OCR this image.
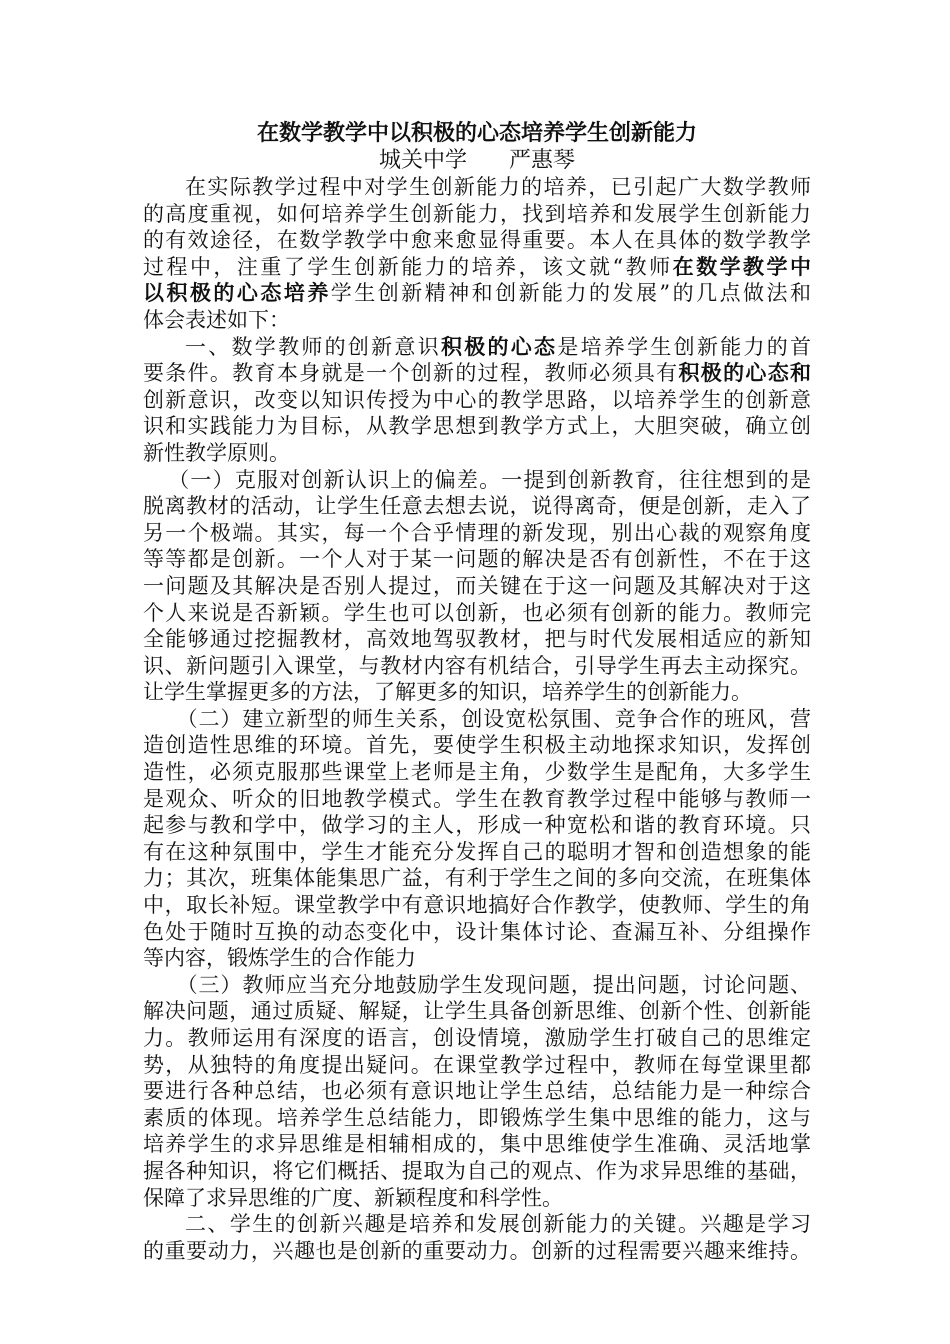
在数学教学中以积极的心态培养学生创新能力
城关中学      严惠琴
在实际教学过程中对学生创新能力的培养，已引起广大数学教师
的高度重视，如何培养学生创新能力，找到培养和发展学生创新能力
的有效途径，在数学教学中愈来愈显得重要。本人在具体的数学教学
过程中，注重了学生创新能力的培养，该文就“教师在数学教学中
以积极的心态培养学生创新精神和创新能力的发展”的几点做法和
体会表述如下：
一、数学教师的创新意识积极的心态是培养学生创新能力的首
要条件。教育本身就是一个创新的过程，教师必须具有积极的心态和
创新意识，改变以知识传授为中心的教学思路，以培养学生的创新意
识和实践能力为目标，从教学思想到教学方式上，大胆突破，确立创
新性教学原则。
（一）克服对创新认识上的偏差。一提到创新教育，往往想到的是
脱离教材的活动，让学生任意去想去说，说得离奇，便是创新，走入了
另一个极端。其实，每一个合乎情理的新发现，别出心裁的观察角度
等等都是创新。一个人对于某一问题的解决是否有创新性，不在于这
一问题及其解决是否别人提过，而关键在于这一问题及其解决对于这
个人来说是否新颖。学生也可以创新，也必须有创新的能力。教师完
全能够通过挖掘教材，高效地驾驭教材，把与时代发展相适应的新知
识、新问题引入课堂，与教材内容有机结合，引导学生再去主动探究。
让学生掌握更多的方法，了解更多的知识，培养学生的创新能力。
（二）建立新型的师生关系，创设宽松氛围、竞争合作的班风，营
造创造性思维的环境。首先，要使学生积极主动地探求知识，发挥创
造性，必须克服那些课堂上老师是主角，少数学生是配角，大多学生
是观众、听众的旧地教学模式。学生在教育教学过程中能够与教师一
起参与教和学中，做学习的主人，形成一种宽松和谐的教育环境。只
有在这种氛围中，学生才能充分发挥自己的聪明才智和创造想象的能
力；其次，班集体能集思广益，有利于学生之间的多向交流，在班集体
中，取长补短。课堂教学中有意识地搞好合作教学，使教师、学生的角
色处于随时互换的动态变化中，设计集体讨论、查漏互补、分组操作
等内容，锻炼学生的合作能力
（三）教师应当充分地鼓励学生发现问题，提出问题，讨论问题、
解决问题，通过质疑、解疑，让学生具备创新思维、创新个性、创新能
力。教师运用有深度的语言，创设情境，激励学生打破自己的思维定
势，从独特的角度提出疑问。在课堂教学过程中，教师在每堂课里都
要进行各种总结，也必须有意识地让学生总结，总结能力是一种综合
素质的体现。培养学生总结能力，即锻炼学生集中思维的能力，这与
培养学生的求异思维是相辅相成的，集中思维使学生准确、灵活地掌
握各种知识，将它们概括、提取为自己的观点、作为求异思维的基础，
保障了求异思维的广度、新颖程度和科学性。
二、学生的创新兴趣是培养和发展创新能力的关键。兴趣是学习
的重要动力，兴趣也是创新的重要动力。创新的过程需要兴趣来维持。
